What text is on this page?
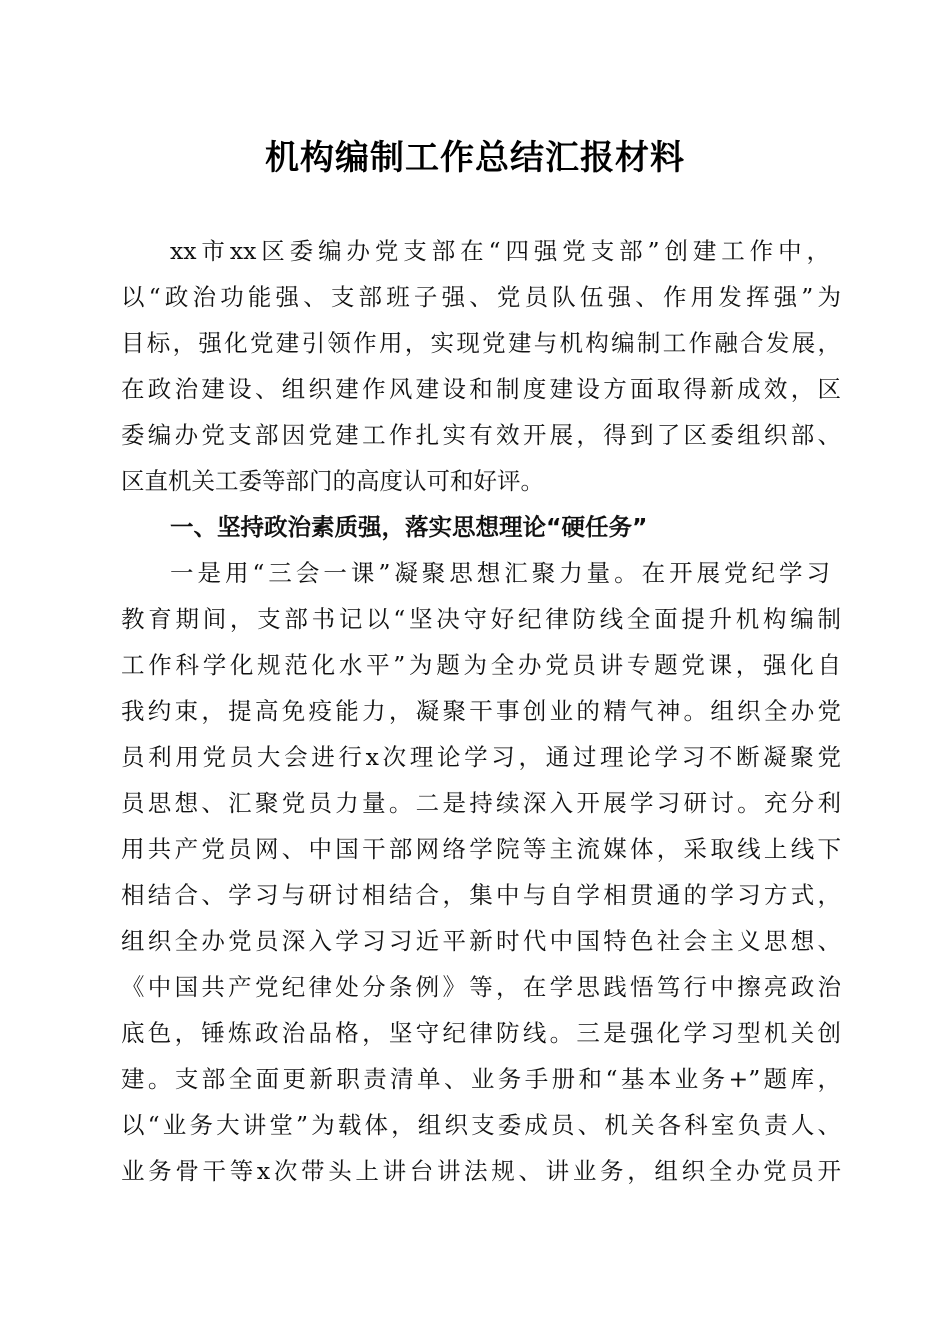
机构编制工作总结汇报材料
xx市xx区委编办党支部在“四强党支部”创建工作中，
以“政治功能强、支部班子强、党员队伍强、作用发挥强”为
目标，强化党建引领作用，实现党建与机构编制工作融合发展，
在政治建设、组织建作风建设和制度建设方面取得新成效，区
委编办党支部因党建工作扎实有效开展，得到了区委组织部、
区直机关工委等部门的高度认可和好评。
一、坚持政治素质强，落实思想理论“硬任务”
一是用“三会一课”凝聚思想汇聚力量。在开展党纪学习
教育期间，支部书记以“坚决守好纪律防线全面提升机构编制
工作科学化规范化水平”为题为全办党员讲专题党课，强化自
我约束，提高免疫能力，凝聚干事创业的精气神。组织全办党
员利用党员大会进行x次理论学习，通过理论学习不断凝聚党
员思想、汇聚党员力量。二是持续深入开展学习研讨。充分利
用共产党员网、中国干部网络学院等主流媒体，采取线上线下
相结合、学习与研讨相结合，集中与自学相贯通的学习方式，
组织全办党员深入学习习近平新时代中国特色社会主义思想、
《中国共产党纪律处分条例》等，在学思践悟笃行中擦亮政治
底色，锤炼政治品格，坚守纪律防线。三是强化学习型机关创
建。支部全面更新职责清单、业务手册和“基本业务+”题库，
以“业务大讲堂”为载体，组织支委成员、机关各科室负责人、
业务骨干等x次带头上讲台讲法规、讲业务，组织全办党员开
